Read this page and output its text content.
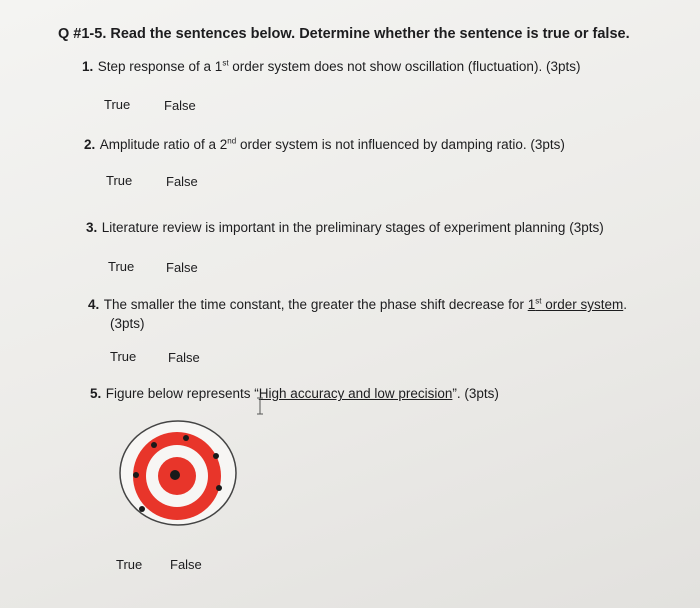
Q #1-5. Read the sentences below. Determine whether the sentence is true or false.
1. Step response of a 1st order system does not show oscillation (fluctuation). (3pts)
True	False
2. Amplitude ratio of a 2nd order system is not influenced by damping ratio. (3pts)
True	False
3. Literature review is important in the preliminary stages of experiment planning (3pts)
True False
4. The smaller the time constant, the greater the phase shift decrease for 1st order system.
(3pts)
True False
5. Figure below represents “High accuracy and low precision”. (3pts)
True False
